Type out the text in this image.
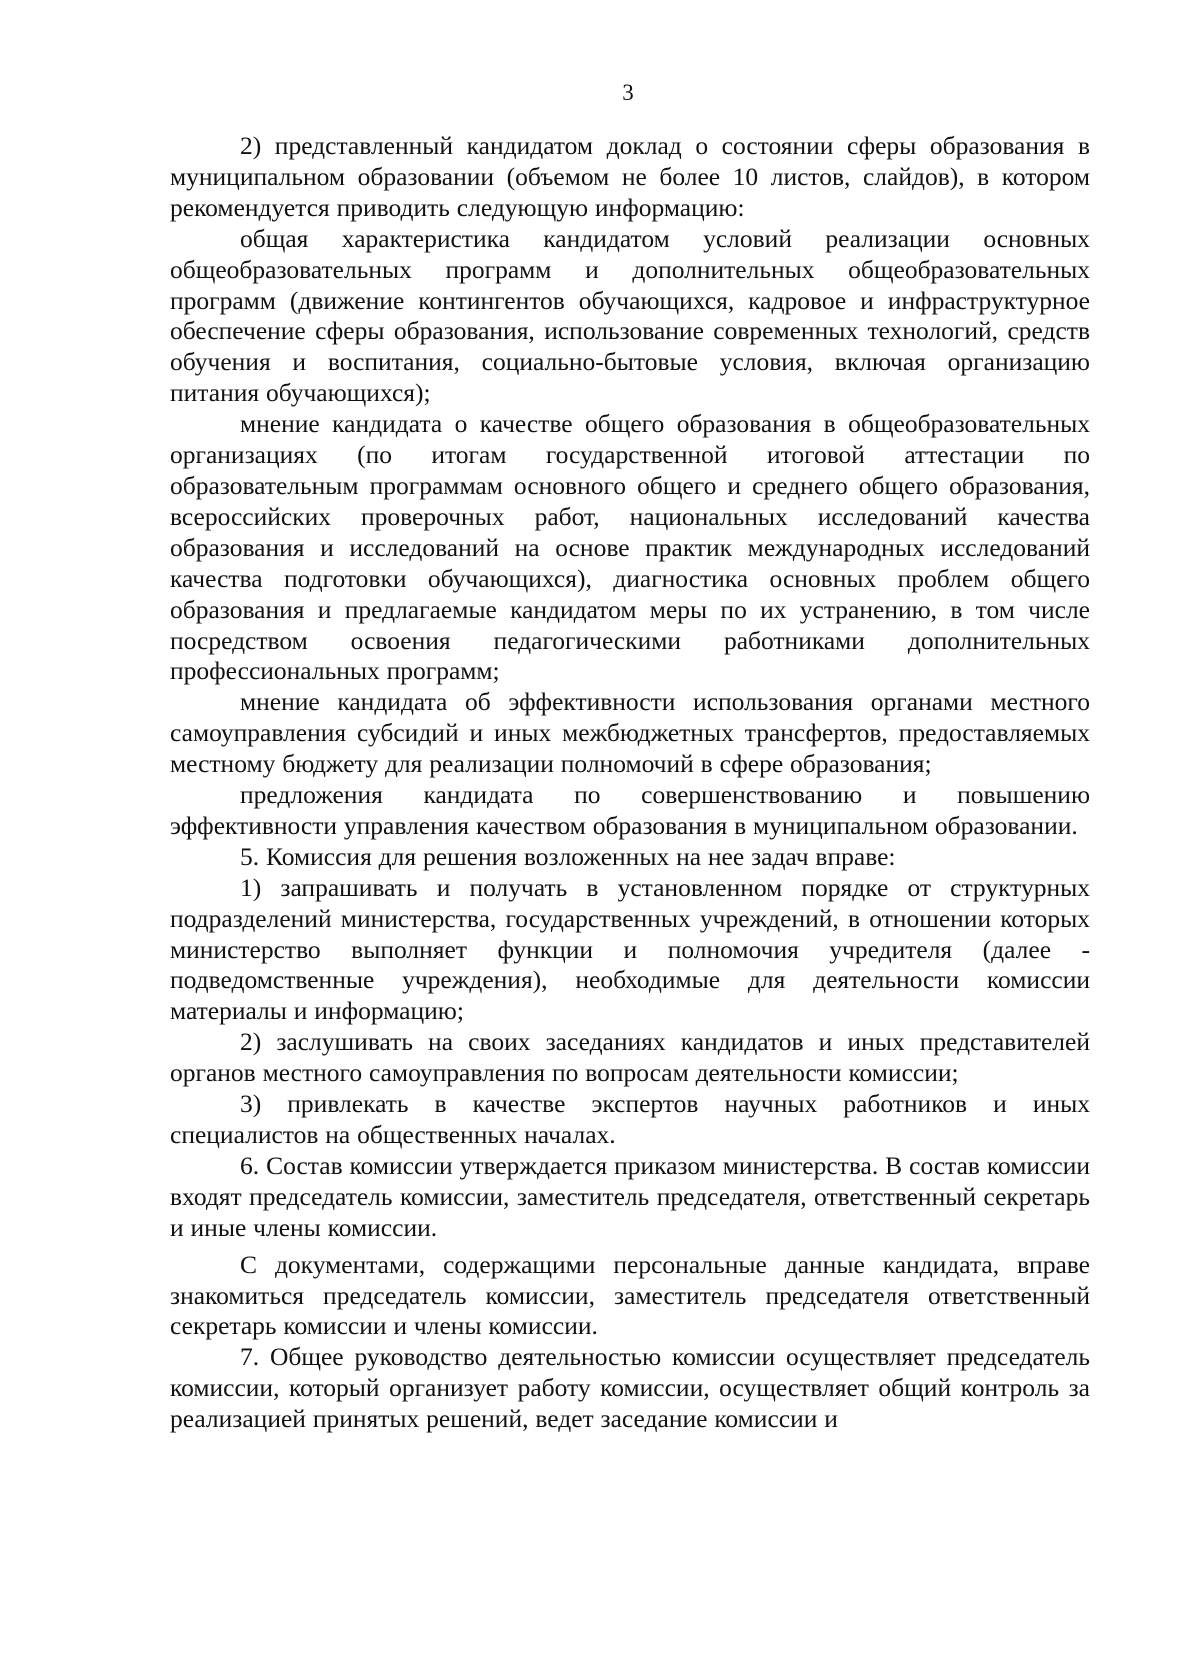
3

2) представленный кандидатом доклад о состоянии сферы образования в муниципальном образовании (объемом не более 10 листов, слайдов), в котором рекомендуется приводить следующую информацию:

общая характеристика кандидатом условий реализации основных общеобразовательных программ и дополнительных общеобразовательных программ (движение контингентов обучающихся, кадровое и инфраструктурное обеспечение сферы образования, использование современных технологий, средств обучения и воспитания, социально-бытовые условия, включая организацию питания обучающихся);

мнение кандидата о качестве общего образования в общеобразовательных организациях (по итогам государственной итоговой аттестации по образовательным программам основного общего и среднего общего образования, всероссийских проверочных работ, национальных исследований качества образования и исследований на основе практик международных исследований качества подготовки обучающихся), диагностика основных проблем общего образования и предлагаемые кандидатом меры по их устранению, в том числе посредством освоения педагогическими работниками дополнительных профессиональных программ;

мнение кандидата об эффективности использования органами местного самоуправления субсидий и иных межбюджетных трансфертов, предоставляемых местному бюджету для реализации полномочий в сфере образования;

предложения кандидата по совершенствованию и повышению эффективности управления качеством образования в муниципальном образовании.

5. Комиссия для решения возложенных на нее задач вправе:

1) запрашивать и получать в установленном порядке от структурных подразделений министерства, государственных учреждений, в отношении которых министерство выполняет функции и полномочия учредителя (далее - подведомственные учреждения), необходимые для деятельности комиссии материалы и информацию;

2) заслушивать на своих заседаниях кандидатов и иных представителей органов местного самоуправления по вопросам деятельности комиссии;

3) привлекать в качестве экспертов научных работников и иных специалистов на общественных началах.

6. Состав комиссии утверждается приказом министерства. В состав комиссии входят председатель комиссии, заместитель председателя, ответственный секретарь и иные члены комиссии.

С документами, содержащими персональные данные кандидата, вправе знакомиться председатель комиссии, заместитель председателя ответственный секретарь комиссии и члены комиссии.

7. Общее руководство деятельностью комиссии осуществляет председатель комиссии, который организует работу комиссии, осуществляет общий контроль за реализацией принятых решений, ведет заседание комиссии и
